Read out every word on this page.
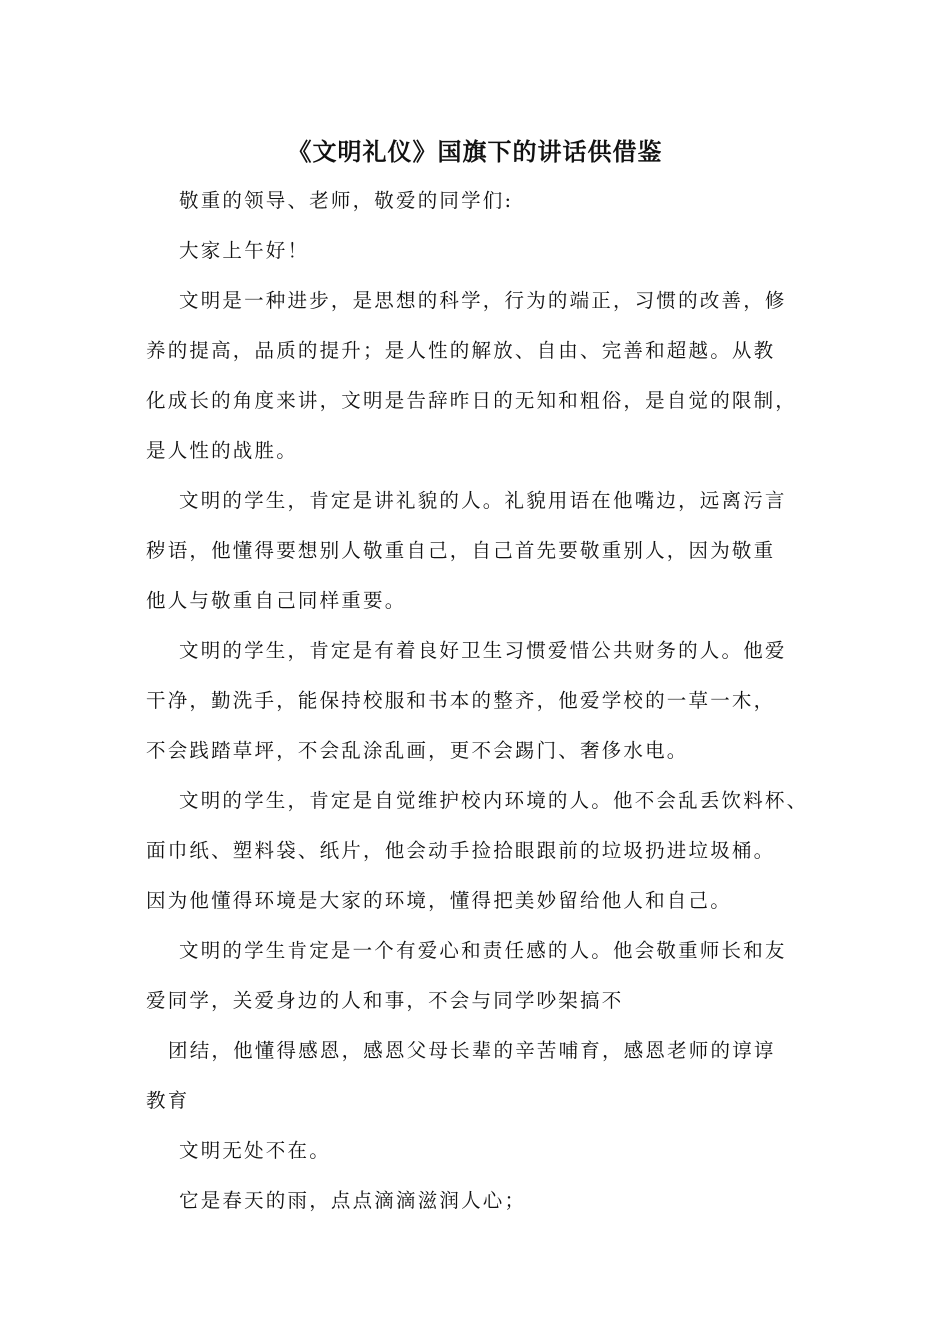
《文明礼仪》国旗下的讲话供借鉴
敬重的领导、老师，敬爱的同学们:
大家上午好！
文明是一种进步，是思想的科学，行为的端正，习惯的改善，修
养的提高，品质的提升；是人性的解放、自由、完善和超越。从教
化成长的角度来讲，文明是告辞昨日的无知和粗俗，是自觉的限制，
是人性的战胜。
文明的学生，肯定是讲礼貌的人。礼貌用语在他嘴边，远离污言
秽语，他懂得要想别人敬重自己，自己首先要敬重别人，因为敬重
他人与敬重自己同样重要。
文明的学生，肯定是有着良好卫生习惯爱惜公共财务的人。他爱
干净，勤洗手，能保持校服和书本的整齐，他爱学校的一草一木，
不会践踏草坪，不会乱涂乱画，更不会踢门、奢侈水电。
文明的学生，肯定是自觉维护校内环境的人。他不会乱丢饮料杯、
面巾纸、塑料袋、纸片，他会动手捡拾眼跟前的垃圾扔进垃圾桶。
因为他懂得环境是大家的环境，懂得把美妙留给他人和自己。
文明的学生肯定是一个有爱心和责任感的人。他会敬重师长和友
爱同学，关爱身边的人和事，不会与同学吵架搞不
团结，他懂得感恩，感恩父母长辈的辛苦哺育，感恩老师的谆谆
教育
文明无处不在。
它是春天的雨，点点滴滴滋润人心；
